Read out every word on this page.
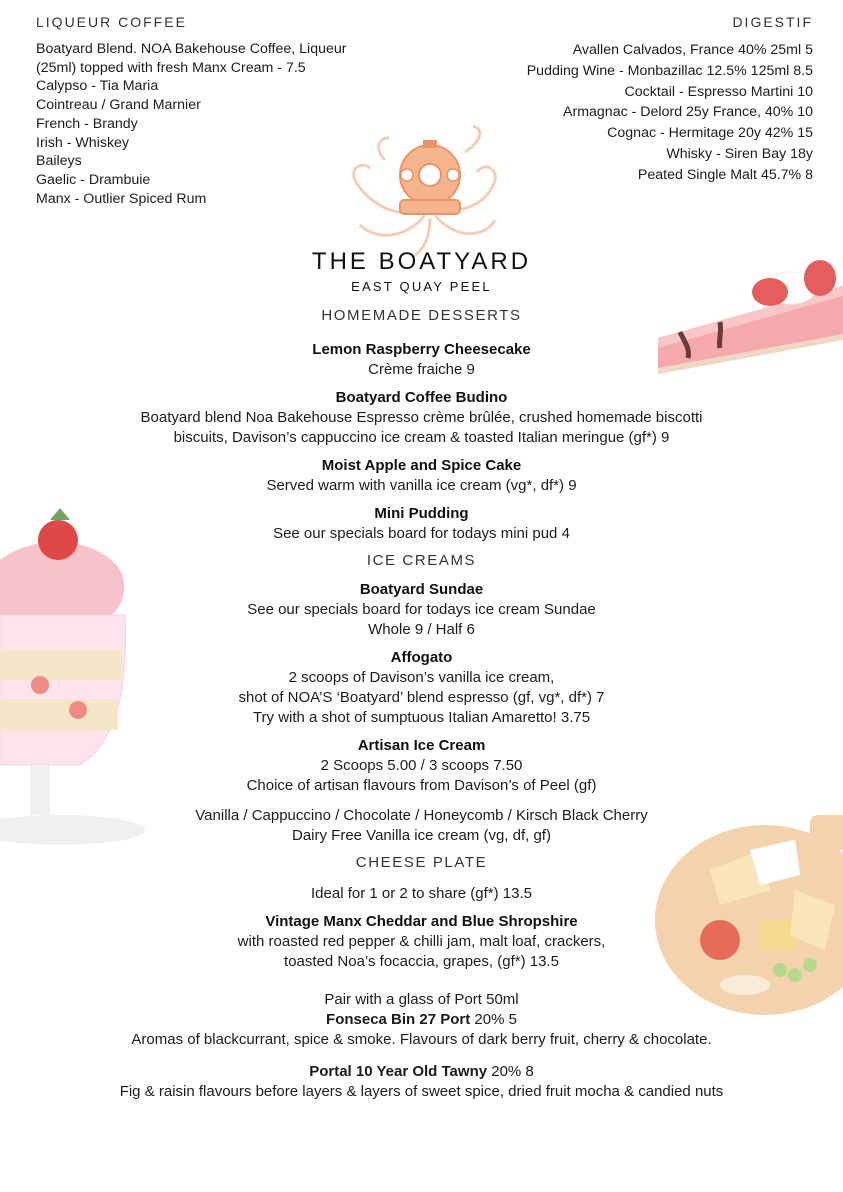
LIQUEUR COFFEE
Boatyard Blend. NOA Bakehouse Coffee, Liqueur
(25ml) topped with fresh Manx Cream - 7.5
Calypso - Tia Maria
Cointreau / Grand Marnier
French - Brandy
Irish - Whiskey
Baileys
Gaelic - Drambuie
Manx - Outlier Spiced Rum
DIGESTIF
Avallen Calvados, France 40% 25ml 5
Pudding Wine - Monbazillac 12.5% 125ml 8.5
Cocktail - Espresso Martini 10
Armagnac - Delord 25y France, 40% 10
Cognac - Hermitage 20y 42% 15
Whisky - Siren Bay 18y
Peated Single Malt 45.7% 8
THE BOATYARD
EAST QUAY PEEL
HOMEMADE DESSERTS
Lemon Raspberry Cheesecake
Crème fraiche 9
Boatyard Coffee Budino
Boatyard blend Noa Bakehouse Espresso crème brûlée, crushed homemade biscotti
biscuits, Davison’s cappuccino ice cream & toasted Italian meringue (gf*) 9
Moist Apple and Spice Cake
Served warm with vanilla ice cream (vg*, df*) 9
Mini Pudding
See our specials board for todays mini pud 4
ICE CREAMS
Boatyard Sundae
See our specials board for todays ice cream Sundae
Whole 9 / Half 6
Affogato
2 scoops of Davison’s vanilla ice cream,
shot of NOA’S ‘Boatyard’ blend espresso (gf, vg*, df*) 7
Try with a shot of sumptuous Italian Amaretto! 3.75
Artisan Ice Cream
2 Scoops 5.00 / 3 scoops 7.50
Choice of artisan flavours from Davison’s of Peel (gf)
Vanilla / Cappuccino / Chocolate / Honeycomb / Kirsch Black Cherry
Dairy Free Vanilla ice cream (vg, df, gf)
CHEESE PLATE
Ideal for 1 or 2 to share (gf*) 13.5
Vintage Manx Cheddar and Blue Shropshire
with roasted red pepper & chilli jam, malt loaf, crackers,
toasted Noa’s focaccia, grapes, (gf*) 13.5
Pair with a glass of Port 50ml
Fonseca Bin 27 Port 20% 5
Aromas of blackcurrant, spice & smoke. Flavours of dark berry fruit, cherry & chocolate.
Portal 10 Year Old Tawny 20% 8
Fig & raisin flavours before layers & layers of sweet spice, dried fruit mocha & candied nuts
